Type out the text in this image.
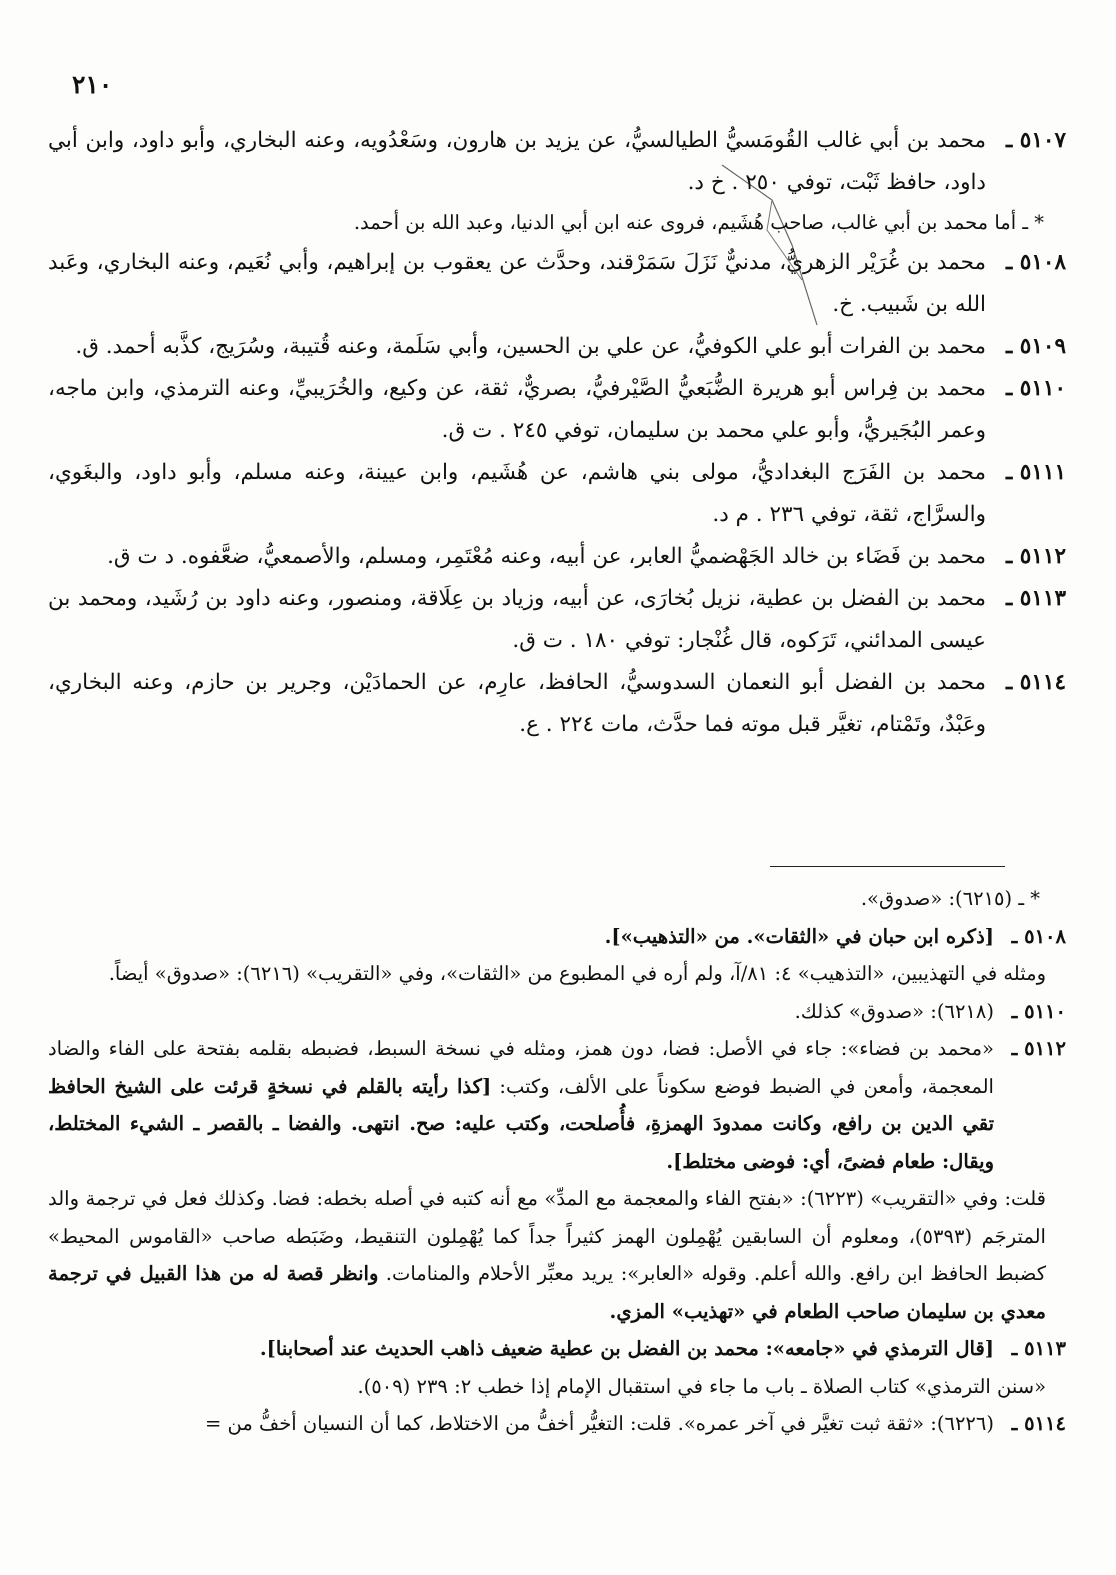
٢١٠
٥١٠٧ ـ
محمد بن أبي غالب القُومَسيُّ الطيالسيُّ، عن يزيد بن هارون، وسَعْدُويه، وعنه البخاري، وأبو داود، وابن أبي داود، حافظ ثَبْت، توفي ٢٥٠ . خ د.
* ـ أما محمد بن أبي غالب، صاحب هُشَيم، فروى عنه ابن أبي الدنيا، وعبد الله بن أحمد.
٥١٠٨ ـ
محمد بن غُرَيْر الزهريُّ، مدنيٌّ نَزَلَ سَمَرْقند، وحدَّث عن يعقوب بن إبراهيم، وأبي نُعَيم، وعنه البخاري، وعَبد الله بن شَبيب. خ.
٥١٠٩ ـ
محمد بن الفرات أبو علي الكوفيُّ، عن علي بن الحسين، وأبي سَلَمة، وعنه قُتيبة، وسُرَيج، كذَّبه أحمد. ق.
٥١١٠ ـ
محمد بن فِراس أبو هريرة الضُّبَعيُّ الصَّيْرفيُّ، بصريٌّ، ثقة، عن وكيع، والخُرَيبيِّ، وعنه الترمذي، وابن ماجه، وعمر البُجَيريُّ، وأبو علي محمد بن سليمان، توفي ٢٤٥ . ت ق.
٥١١١ ـ
محمد بن الفَرَج البغداديُّ، مولى بني هاشم، عن هُشَيم، وابن عيينة، وعنه مسلم، وأبو داود، والبغَوي، والسرَّاج، ثقة، توفي ٢٣٦ . م د.
٥١١٢ ـ
محمد بن فَضَاء بن خالد الجَهْضميُّ العابر، عن أبيه، وعنه مُعْتَمِر، ومسلم، والأصمعيُّ، ضعَّفوه. د ت ق.
٥١١٣ ـ
محمد بن الفضل بن عطية، نزيل بُخارَى، عن أبيه، وزياد بن عِلَاقة، ومنصور، وعنه داود بن رُشَيد، ومحمد بن عيسى المدائني، تَرَكوه، قال غُنْجار: توفي ١٨٠ . ت ق.
٥١١٤ ـ
محمد بن الفضل أبو النعمان السدوسيُّ، الحافظ، عارِم، عن الحمادَيْن، وجرير بن حازم، وعنه البخاري، وعَبْدٌ، وتَمْتام، تغيَّر قبل موته فما حدَّث، مات ٢٢٤ . ع.
* ـ (٦٢١٥): «صدوق».
٥١٠٨ ـ
[ذكره ابن حبان في «الثقات». من «التذهيب»].
ومثله في التهذيبين، «التذهيب» ٤: ٨١/آ، ولم أره في المطبوع من «الثقات»، وفي «التقريب» (٦٢١٦): «صدوق» أيضاً.
٥١١٠ ـ
(٦٢١٨): «صدوق» كذلك.
٥١١٢ ـ
«محمد بن فضاء»: جاء في الأصل: فضا، دون همز، ومثله في نسخة السبط، فضبطه بقلمه بفتحة على الفاء والضاد المعجمة، وأمعن في الضبط فوضع سكوناً على الألف، وكتب: [كذا رأيته بالقلم في نسخةٍ قرئت على الشيخ الحافظ تقي الدين بن رافع، وكانت ممدودَ الهمزةِ، فأُصلحت، وكتب عليه: صح. انتهى. والفضا ـ بالقصر ـ الشيء المختلط، ويقال: طعام فضىً، أي: فوضى مختلط].
قلت: وفي «التقريب» (٦٢٢٣): «بفتح الفاء والمعجمة مع المدِّ» مع أنه كتبه في أصله بخطه: فضا. وكذلك فعل في ترجمة والد المترجَم (٥٣٩٣)، ومعلوم أن السابقين يُهْمِلون الهمز كثيراً جداً كما يُهْمِلون التنقيط، وضَبَطه صاحب «القاموس المحيط» كضبط الحافظ ابن رافع. والله أعلم. وقوله «العابر»: يريد معبِّر الأحلام والمنامات. وانظر قصة له من هذا القبيل في ترجمة معدي بن سليمان صاحب الطعام في «تهذيب» المزي.
٥١١٣ ـ
[قال الترمذي في «جامعه»: محمد بن الفضل بن عطية ضعيف ذاهب الحديث عند أصحابنا].
«سنن الترمذي» كتاب الصلاة ـ باب ما جاء في استقبال الإمام إذا خطب ٢: ٢٣٩ (٥٠٩).
٥١١٤ ـ
(٦٢٢٦): «ثقة ثبت تغيَّر في آخر عمره». قلت: التغيُّر أخفُّ من الاختلاط، كما أن النسيان أخفُّ من =
